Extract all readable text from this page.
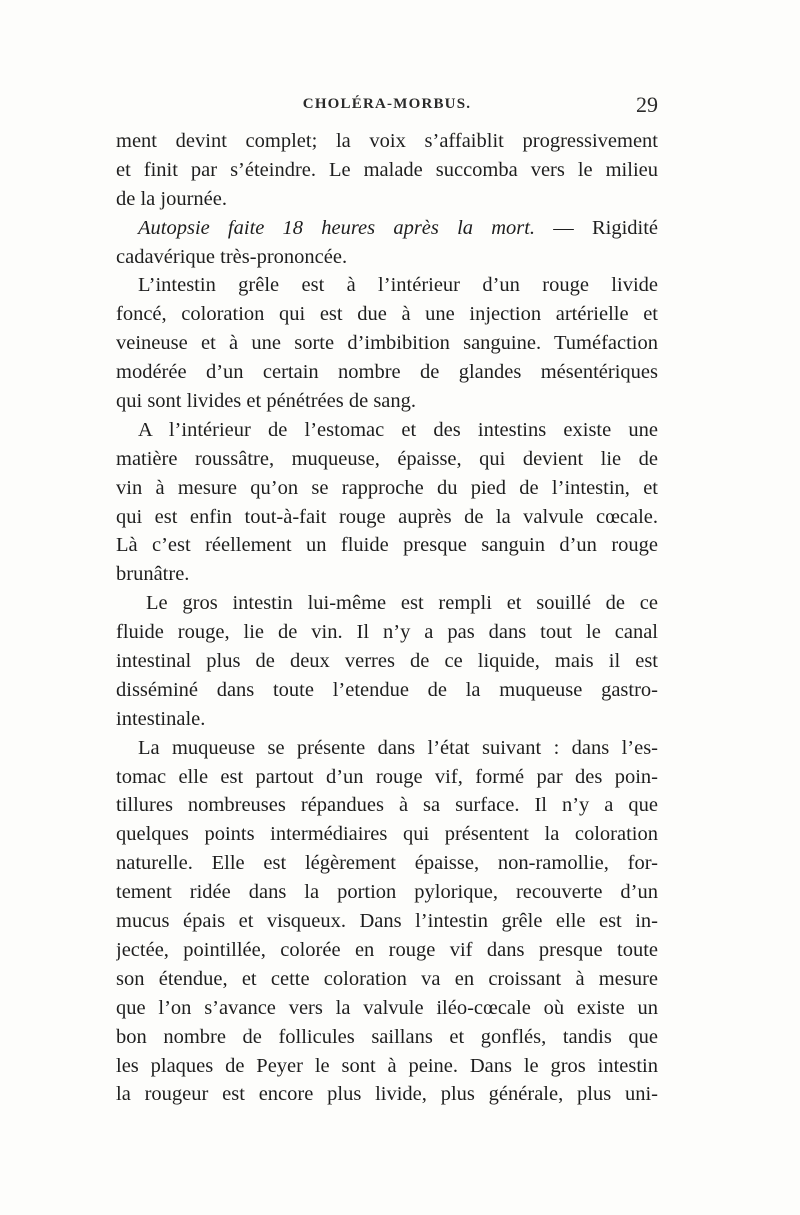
CHOLÉRA-MORBUS.	29
ment devint complet; la voix s’affaiblit progressivement
et finit par s’éteindre. Le malade succomba vers le milieu
de la journée.
Autopsie faite 18 heures après la mort. — Rigidité
cadavérique très-prononcée.
L’intestin grêle est à l’intérieur d’un rouge livide
foncé, coloration qui est due à une injection artérielle et
veineuse et à une sorte d’imbibition sanguine. Tuméfaction
modérée d’un certain nombre de glandes mésentériques
qui sont livides et pénétrées de sang.
A l’intérieur de l’estomac et des intestins existe une
matière roussâtre, muqueuse, épaisse, qui devient lie de
vin à mesure qu’on se rapproche du pied de l’intestin, et
qui est enfin tout-à-fait rouge auprès de la valvule cœcale.
Là c’est réellement un fluide presque sanguin d’un rouge
brunâtre.
Le gros intestin lui-même est rempli et souillé de ce
fluide rouge, lie de vin. Il n’y a pas dans tout le canal
intestinal plus de deux verres de ce liquide, mais il est
disséminé dans toute l’etendue de la muqueuse gastro-
intestinale.
La muqueuse se présente dans l’état suivant : dans l’es-
tomac elle est partout d’un rouge vif, formé par des poin-
tillures nombreuses répandues à sa surface. Il n’y a que
quelques points intermédiaires qui présentent la coloration
naturelle. Elle est légèrement épaisse, non-ramollie, for-
tement ridée dans la portion pylorique, recouverte d’un
mucus épais et visqueux. Dans l’intestin grêle elle est in-
jectée, pointillée, colorée en rouge vif dans presque toute
son étendue, et cette coloration va en croissant à mesure
que l’on s’avance vers la valvule iléo-cœcale où existe un
bon nombre de follicules saillans et gonflés, tandis que
les plaques de Peyer le sont à peine. Dans le gros intestin
la rougeur est encore plus livide, plus générale, plus uni-
